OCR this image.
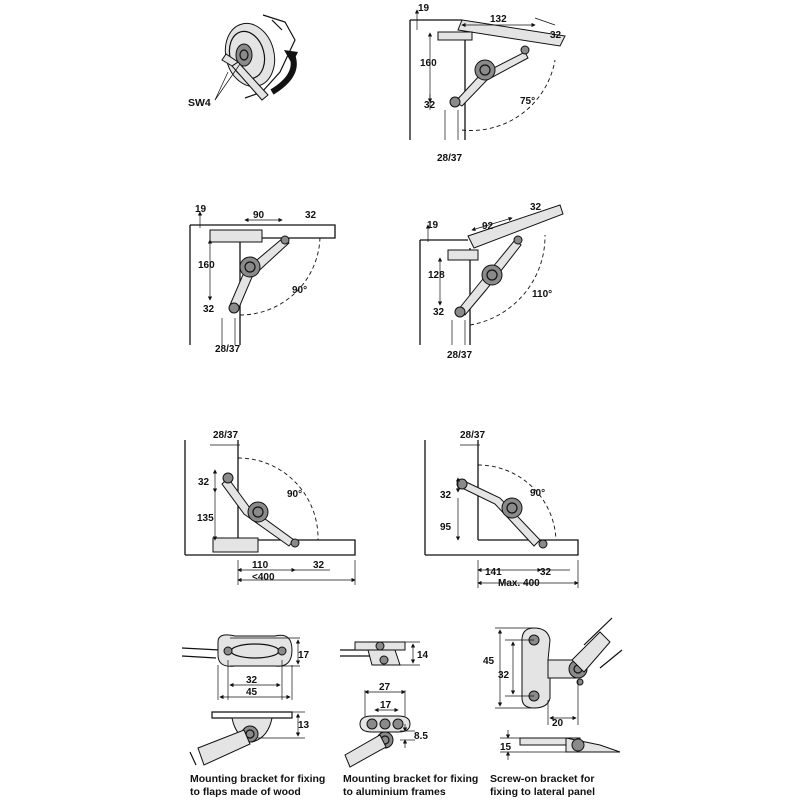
19
132
32
160
32	75°
28/37
19
90	32
160
32
90°
28/37
19	92
32
128
32
110°
28/37
28/37
32
135
90°
110	32
<400
28/37
32
95
90°
141	32
Max. 400
17
32
45
13
Mounting bracket for fixing
to flaps made of wood
14
27
17
8.5
Mounting bracket for fixing
to aluminium frames
45
32
20
15
Screw-on bracket for
fixing to lateral panel
SW4
